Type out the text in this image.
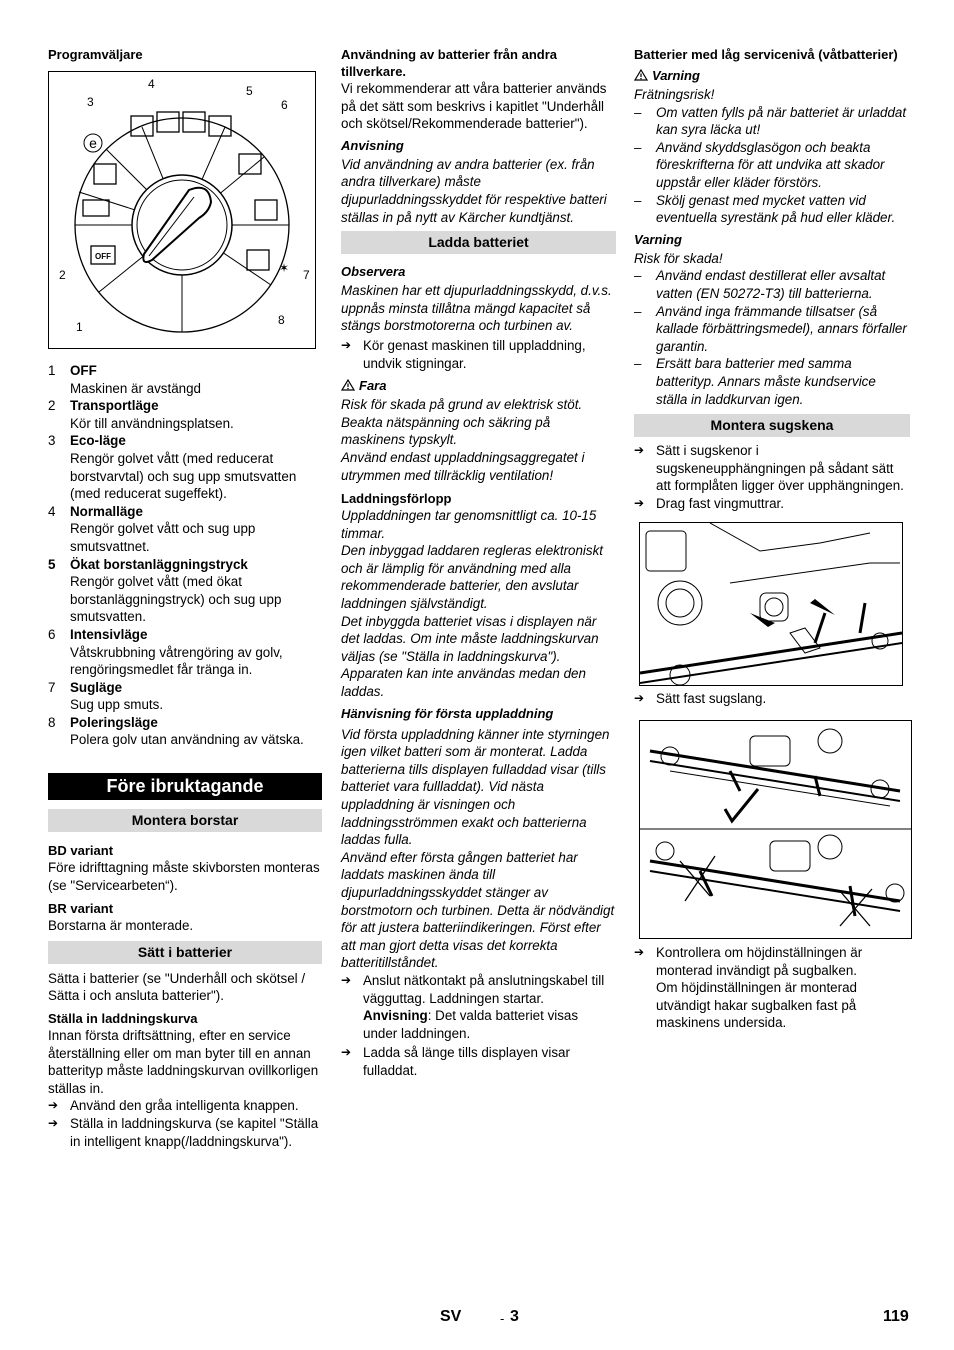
Programväljare

OFF
e
✶
1
2
3
4	5
6
7
8
1 OFF

Maskinen är avstängd

2 Transportläge

Kör till användningsplatsen.

3 Eco-läge

Rengör golvet vått (med reducerat borstvarvtal) och sug upp smutsvatten (med reducerat sugeffekt).

4 Normalläge

Rengör golvet vått och sug upp smutsvattnet.

5 Ökat borstanläggningstryck

Rengör golvet vått (med ökat borstanläggningstryck) och sug upp smutsvatten.

6 Intensivläge

Våtskrubbning våtrengöring av golv, rengöringsmedlet får tränga in.

7 Sugläge

Sug upp smuts.

8 Poleringsläge

Polera golv utan användning av vätska.

Före ibruktagande
Montera borstar

BD variant

Före idrifttagning måste skivborsten monteras (se "Servicearbeten“).

BR variant

Borstarna är monterade.

Sätt i batterier

Sätta i batterier (se "Underhåll och skötsel / Sätta i och ansluta batterier").

Ställa in laddningskurva

Innan första driftsättning, efter en service återställning eller om man byter till en annan batterityp måste laddningskurvan ovillkorligen ställas in.

➔ Använd den gråa intelligenta knappen.

➔ Ställa in laddningskurva (se kapitel "Ställa in intelligent knapp(/laddningskurva").

Användning av batterier från andra tillverkare.

Vi rekommenderar att våra batterier används på det sätt som beskrivs i kapitlet "Underhåll och skötsel/Rekommenderade batterier").

Anvisning

Vid användning av andra batterier (ex. från andra tillverkare) måste djupurladdningsskyddet för respektive batteri ställas in på nytt av Kärcher kundtjänst.

Ladda batteriet

Observera

Maskinen har ett djupurladdningsskydd, d.v.s. uppnås minsta tillåtna mängd kapacitet så stängs borstmotorerna och turbinen av.

➔ Kör genast maskinen till uppladdning, undvik stigningar.

Fara

Risk för skada på grund av elektrisk stöt. Beakta nätspänning och säkring på maskinens typskylt.

Använd endast uppladdningsaggregatet i utrymmen med tillräcklig ventilation!

Laddningsförlopp

Uppladdningen tar genomsnittligt ca. 10-15 timmar.
Den inbyggad laddaren regleras elektroniskt och är lämplig för användning med alla rekommenderade batterier, den avslutar laddningen självständigt.
Det inbyggda batteriet visas i displayen när det laddas. Om inte måste laddningskurvan väljas (se "Ställa in laddningskurva").
Apparaten kan inte användas medan den laddas.

Hänvisning för första uppladdning

Vid första uppladdning känner inte styrningen igen vilket batteri som är monterat. Ladda batterierna tills displayen fulladdad visar (tills batteriet vara fullladdat). Vid nästa uppladdning är visningen och laddningsströmmen exakt och batterierna laddas fulla.
Använd efter första gången batteriet har laddats maskinen ända till djupurladdningsskyddet stänger av borstmotorn och turbinen. Detta är nödvändigt för att justera batteriindikeringen. Först efter att man gjort detta visas det korrekta batteritillståndet.

➔ Anslut nätkontakt på anslutningskabel till vägguttag. Laddningen startar.

Anvisning: Det valda batteriet visas under laddningen.

➔ Ladda så länge tills displayen visar fulladdat.

Batterier med låg servicenivå (våtbatterier)

Varning

Frätningsrisk!

– Om vatten fylls på när batteriet är urladdat kan syra läcka ut!

– Använd skyddsglasögon och beakta föreskrifterna för att undvika att skador uppstår eller kläder förstörs.

– Skölj genast med mycket vatten vid eventuella syrestänk på hud eller kläder.

Varning

Risk för skada!

– Använd endast destillerat eller avsaltat vatten (EN 50272-T3) till batterierna.

– Använd inga främmande tillsatser (så kallade förbättringsmedel), annars förfaller garantin.

– Ersätt bara batterier med samma batterityp. Annars måste kundservice ställa in laddkurvan igen.

Montera sugskena

➔ Sätt i sugskenor i sugskeneupphängningen på sådant sätt att formplåten ligger över upphängningen.

➔ Drag fast vingmuttrar.

➔ Sätt fast sugslang.

➔ Kontrollera om höjdinställningen är monterad invändigt på sugbalken.

Om höjdinställningen är monterad utvändigt hakar sugbalken fast på maskinens undersida.

SV	- 3	119
